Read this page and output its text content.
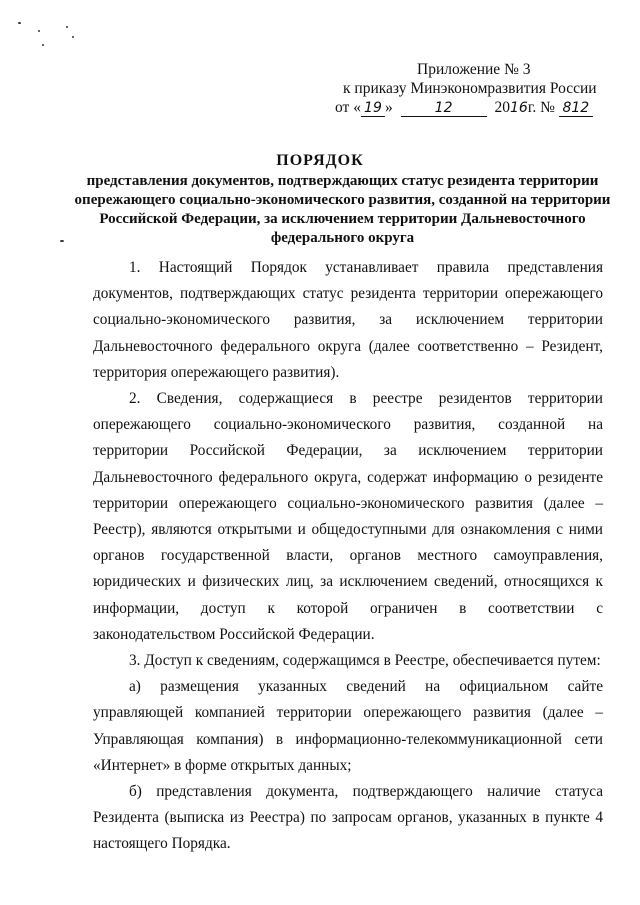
Приложение № 3
к приказу Минэкономразвития России
от « 19 »	12	2016 г. № 812
ПОРЯДОК
представления документов, подтверждающих статус резидента территории опережающего социально-экономического развития, созданной на территории Российской Федерации, за исключением территории Дальневосточного федерального округа

1. Настоящий Порядок устанавливает правила представления документов, подтверждающих статус резидента территории опережающего социально-экономического развития, за исключением территории Дальневосточного федерального округа (далее соответственно – Резидент, территория опережающего развития).

2. Сведения, содержащиеся в реестре резидентов территории опережающего социально-экономического развития, созданной на территории Российской Федерации, за исключением территории Дальневосточного федерального округа, содержат информацию о резиденте территории опережающего социально-экономического развития (далее – Реестр), являются открытыми и общедоступными для ознакомления с ними органов государственной власти, органов местного самоуправления, юридических и физических лиц, за исключением сведений, относящихся к информации, доступ к которой ограничен в соответствии с законодательством Российской Федерации.

3. Доступ к сведениям, содержащимся в Реестре, обеспечивается путем:

а) размещения указанных сведений на официальном сайте управляющей компанией территории опережающего развития (далее – Управляющая компания) в информационно-телекоммуникационной сети «Интернет» в форме открытых данных;

б) представления документа, подтверждающего наличие статуса Резидента (выписка из Реестра) по запросам органов, указанных в пункте 4 настоящего Порядка.
